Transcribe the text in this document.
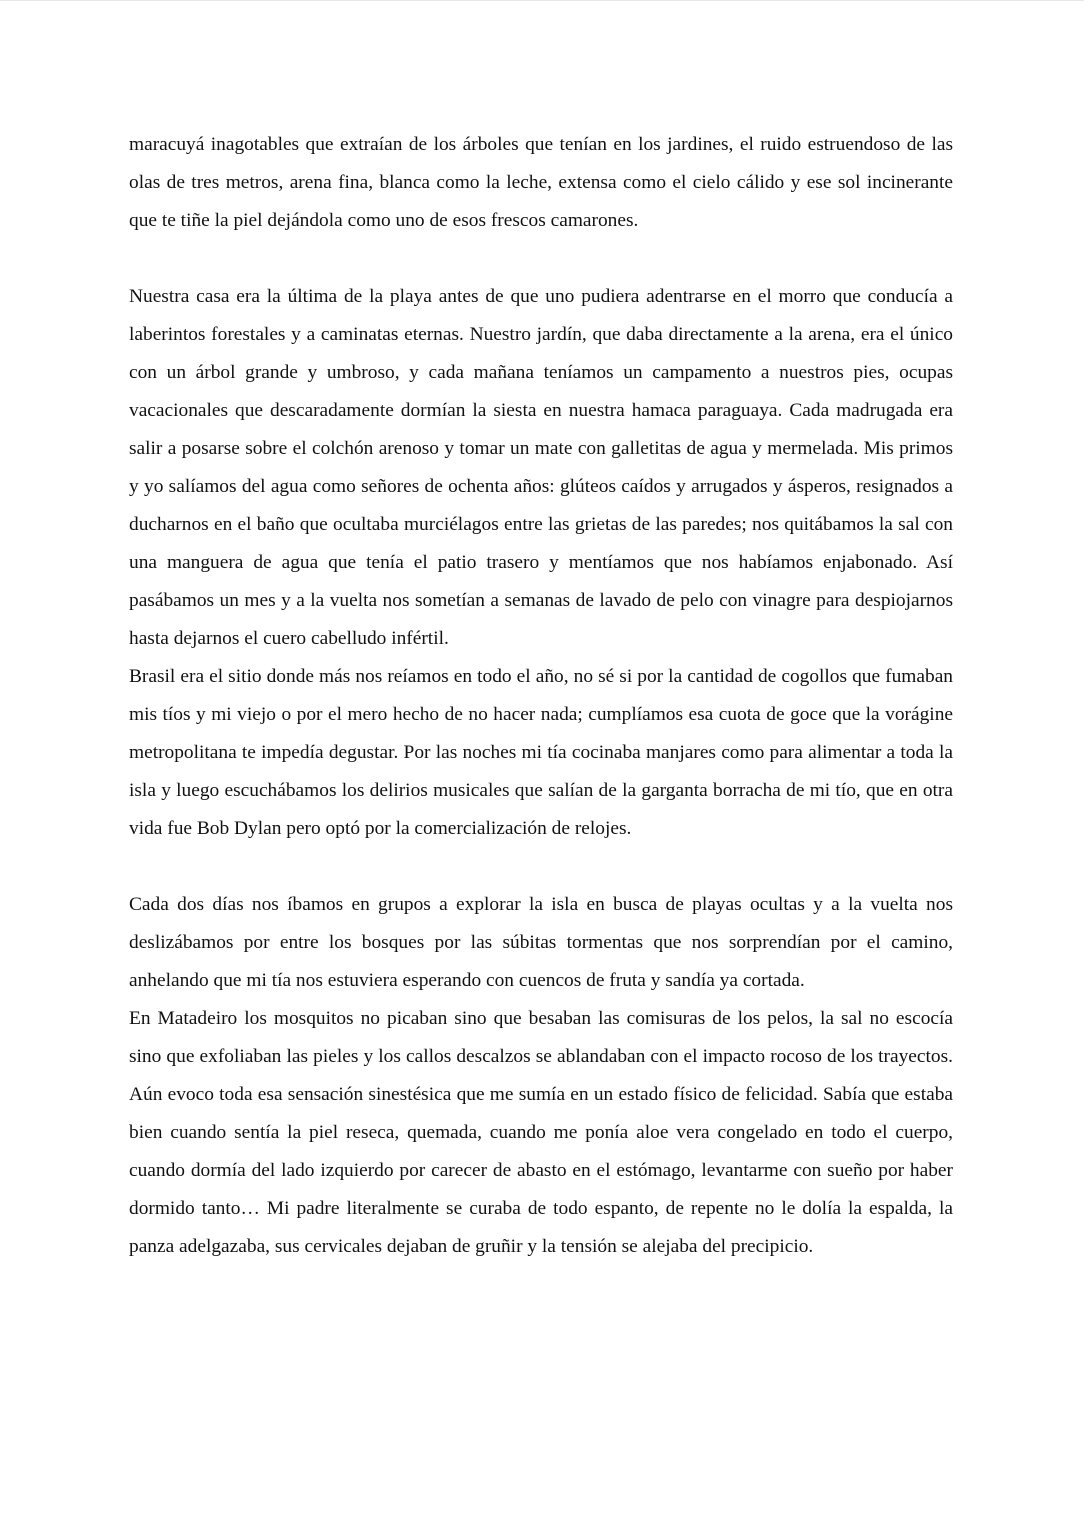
maracuyá inagotables que extraían de los árboles que tenían en los jardines, el ruido estruendoso de las olas de tres metros, arena fina, blanca como la leche, extensa como el cielo cálido y ese sol incinerante que te tiñe la piel dejándola como uno de esos frescos camarones.

Nuestra casa era la última de la playa antes de que uno pudiera adentrarse en el morro que conducía a laberintos forestales y a caminatas eternas. Nuestro jardín, que daba directamente a la arena, era el único con un árbol grande y umbroso, y cada mañana teníamos un campamento a nuestros pies, ocupas vacacionales que descaradamente dormían la siesta en nuestra hamaca paraguaya. Cada madrugada era salir a posarse sobre el colchón arenoso y tomar un mate con galletitas de agua y mermelada. Mis primos y yo salíamos del agua como señores de ochenta años: glúteos caídos y arrugados y ásperos, resignados a ducharnos en el baño que ocultaba murciélagos entre las grietas de las paredes; nos quitábamos la sal con una manguera de agua que tenía el patio trasero y mentíamos que nos habíamos enjabonado. Así pasábamos un mes y a la vuelta nos sometían a semanas de lavado de pelo con vinagre para despiojarnos hasta dejarnos el cuero cabelludo infértil.

Brasil era el sitio donde más nos reíamos en todo el año, no sé si por la cantidad de cogollos que fumaban mis tíos y mi viejo o por el mero hecho de no hacer nada; cumplíamos esa cuota de goce que la vorágine metropolitana te impedía degustar. Por las noches mi tía cocinaba manjares como para alimentar a toda la isla y luego escuchábamos los delirios musicales que salían de la garganta borracha de mi tío, que en otra vida fue Bob Dylan pero optó por la comercialización de relojes.

Cada dos días nos íbamos en grupos a explorar la isla en busca de playas ocultas y a la vuelta nos deslizábamos por entre los bosques por las súbitas tormentas que nos sorprendían por el camino, anhelando que mi tía nos estuviera esperando con cuencos de fruta y sandía ya cortada.

En Matadeiro los mosquitos no picaban sino que besaban las comisuras de los pelos, la sal no escocía sino que exfoliaban las pieles y los callos descalzos se ablandaban con el impacto rocoso de los trayectos. Aún evoco toda esa sensación sinestésica que me sumía en un estado físico de felicidad. Sabía que estaba bien cuando sentía la piel reseca, quemada, cuando me ponía aloe vera congelado en todo el cuerpo, cuando dormía del lado izquierdo por carecer de abasto en el estómago, levantarme con sueño por haber dormido tanto… Mi padre literalmente se curaba de todo espanto, de repente no le dolía la espalda, la panza adelgazaba, sus cervicales dejaban de gruñir y la tensión se alejaba del precipicio.
